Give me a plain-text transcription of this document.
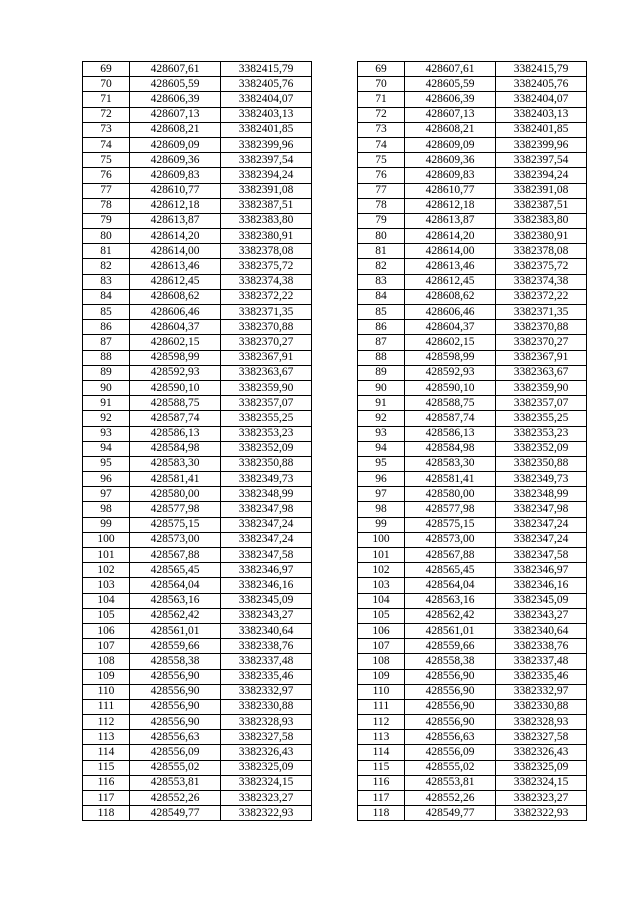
69	428607,61	3382415,79		69	428607,61	3382415,79
70	428605,59	3382405,76		70	428605,59	3382405,76
71	428606,39	3382404,07		71	428606,39	3382404,07
72	428607,13	3382403,13		72	428607,13	3382403,13
73	428608,21	3382401,85		73	428608,21	3382401,85
74	428609,09	3382399,96		74	428609,09	3382399,96
75	428609,36	3382397,54		75	428609,36	3382397,54
76	428609,83	3382394,24		76	428609,83	3382394,24
77	428610,77	3382391,08		77	428610,77	3382391,08
78	428612,18	3382387,51		78	428612,18	3382387,51
79	428613,87	3382383,80		79	428613,87	3382383,80
80	428614,20	3382380,91		80	428614,20	3382380,91
81	428614,00	3382378,08		81	428614,00	3382378,08
82	428613,46	3382375,72		82	428613,46	3382375,72
83	428612,45	3382374,38		83	428612,45	3382374,38
84	428608,62	3382372,22		84	428608,62	3382372,22
85	428606,46	3382371,35		85	428606,46	3382371,35
86	428604,37	3382370,88		86	428604,37	3382370,88
87	428602,15	3382370,27		87	428602,15	3382370,27
88	428598,99	3382367,91		88	428598,99	3382367,91
89	428592,93	3382363,67		89	428592,93	3382363,67
90	428590,10	3382359,90		90	428590,10	3382359,90
91	428588,75	3382357,07		91	428588,75	3382357,07
92	428587,74	3382355,25		92	428587,74	3382355,25
93	428586,13	3382353,23		93	428586,13	3382353,23
94	428584,98	3382352,09		94	428584,98	3382352,09
95	428583,30	3382350,88		95	428583,30	3382350,88
96	428581,41	3382349,73		96	428581,41	3382349,73
97	428580,00	3382348,99		97	428580,00	3382348,99
98	428577,98	3382347,98		98	428577,98	3382347,98
99	428575,15	3382347,24		99	428575,15	3382347,24
100	428573,00	3382347,24		100	428573,00	3382347,24
101	428567,88	3382347,58		101	428567,88	3382347,58
102	428565,45	3382346,97		102	428565,45	3382346,97
103	428564,04	3382346,16		103	428564,04	3382346,16
104	428563,16	3382345,09		104	428563,16	3382345,09
105	428562,42	3382343,27		105	428562,42	3382343,27
106	428561,01	3382340,64		106	428561,01	3382340,64
107	428559,66	3382338,76		107	428559,66	3382338,76
108	428558,38	3382337,48		108	428558,38	3382337,48
109	428556,90	3382335,46		109	428556,90	3382335,46
110	428556,90	3382332,97		110	428556,90	3382332,97
111	428556,90	3382330,88		111	428556,90	3382330,88
112	428556,90	3382328,93		112	428556,90	3382328,93
113	428556,63	3382327,58		113	428556,63	3382327,58
114	428556,09	3382326,43		114	428556,09	3382326,43
115	428555,02	3382325,09		115	428555,02	3382325,09
116	428553,81	3382324,15		116	428553,81	3382324,15
117	428552,26	3382323,27		117	428552,26	3382323,27
118	428549,77	3382322,93		118	428549,77	3382322,93
